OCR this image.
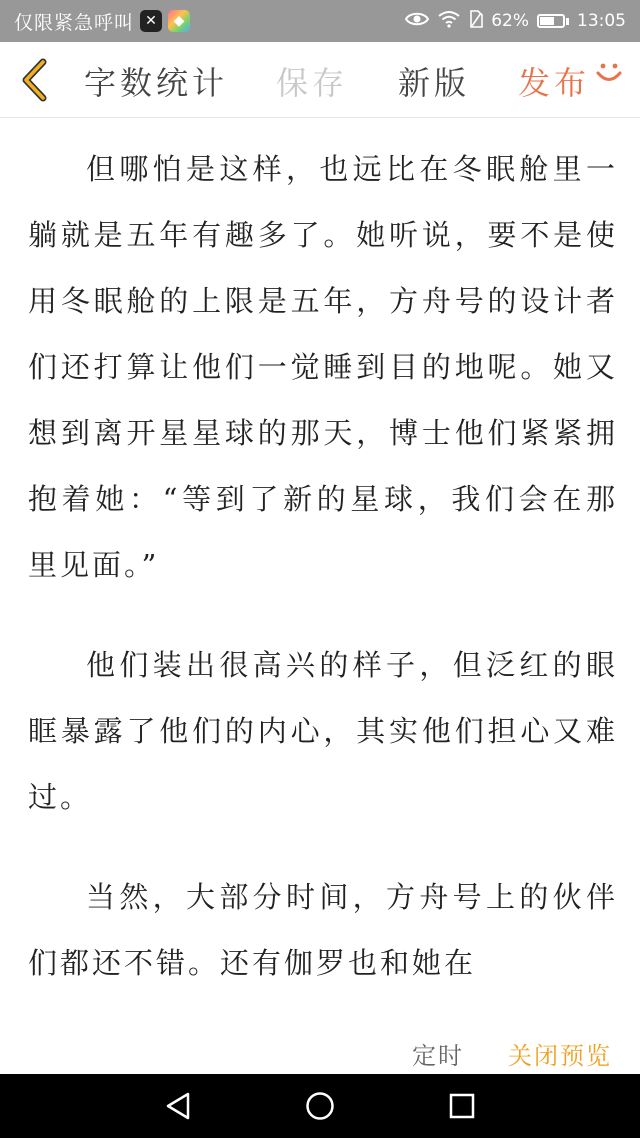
仅限紧急呼叫 ✕	◆	62%	13:05
字数统计 保存 新版 发布

但哪怕是这样，也远比在冬眠舱里一躺就是五年有趣多了。她听说，要不是使用冬眠舱的上限是五年，方舟号的设计者们还打算让他们一觉睡到目的地呢。她又想到离开星星球的那天，博士他们紧紧拥抱着她：“等到了新的星球，我们会在那里见面。”

他们装出很高兴的样子，但泛红的眼眶暴露了他们的内心，其实他们担心又难过。

当然，大部分时间，方舟号上的伙伴们都还不错。还有伽罗也和她在

定时 关闭预览
